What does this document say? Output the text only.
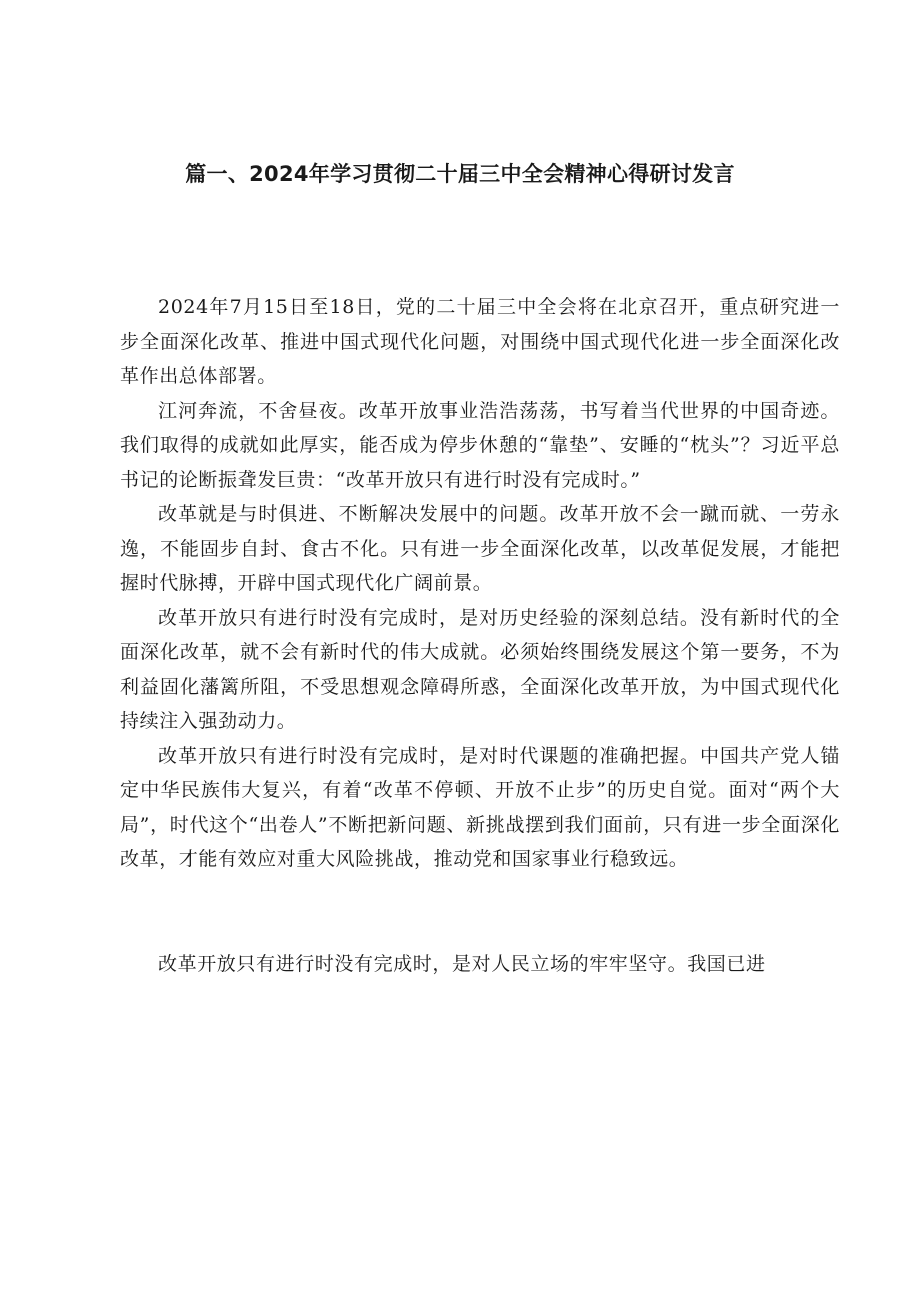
篇一、2024年学习贯彻二十届三中全会精神心得研讨发言

2024年7月15日至18日，党的二十届三中全会将在北京召开，重点研究进一步全面深化改革、推进中国式现代化问题，对围绕中国式现代化进一步全面深化改革作出总体部署。

江河奔流，不舍昼夜。改革开放事业浩浩荡荡，书写着当代世界的中国奇迹。我们取得的成就如此厚实，能否成为停步休憩的“靠垫”、安睡的“枕头”？习近平总书记的论断振聋发巨贵：“改革开放只有进行时没有完成时。”

改革就是与时俱进、不断解决发展中的问题。改革开放不会一蹴而就、一劳永逸，不能固步自封、食古不化。只有进一步全面深化改革，以改革促发展，才能把握时代脉搏，开辟中国式现代化广阔前景。

改革开放只有进行时没有完成时，是对历史经验的深刻总结。没有新时代的全面深化改革，就不会有新时代的伟大成就。必须始终围绕发展这个第一要务，不为利益固化藩篱所阻，不受思想观念障碍所惑，全面深化改革开放，为中国式现代化持续注入强劲动力。

改革开放只有进行时没有完成时，是对时代课题的准确把握。中国共产党人锚定中华民族伟大复兴，有着“改革不停顿、开放不止步”的历史自觉。面对“两个大局”，时代这个“出卷人”不断把新问题、新挑战摆到我们面前，只有进一步全面深化改革，才能有效应对重大风险挑战，推动党和国家事业行稳致远。

改革开放只有进行时没有完成时，是对人民立场的牢牢坚守。我国已进
